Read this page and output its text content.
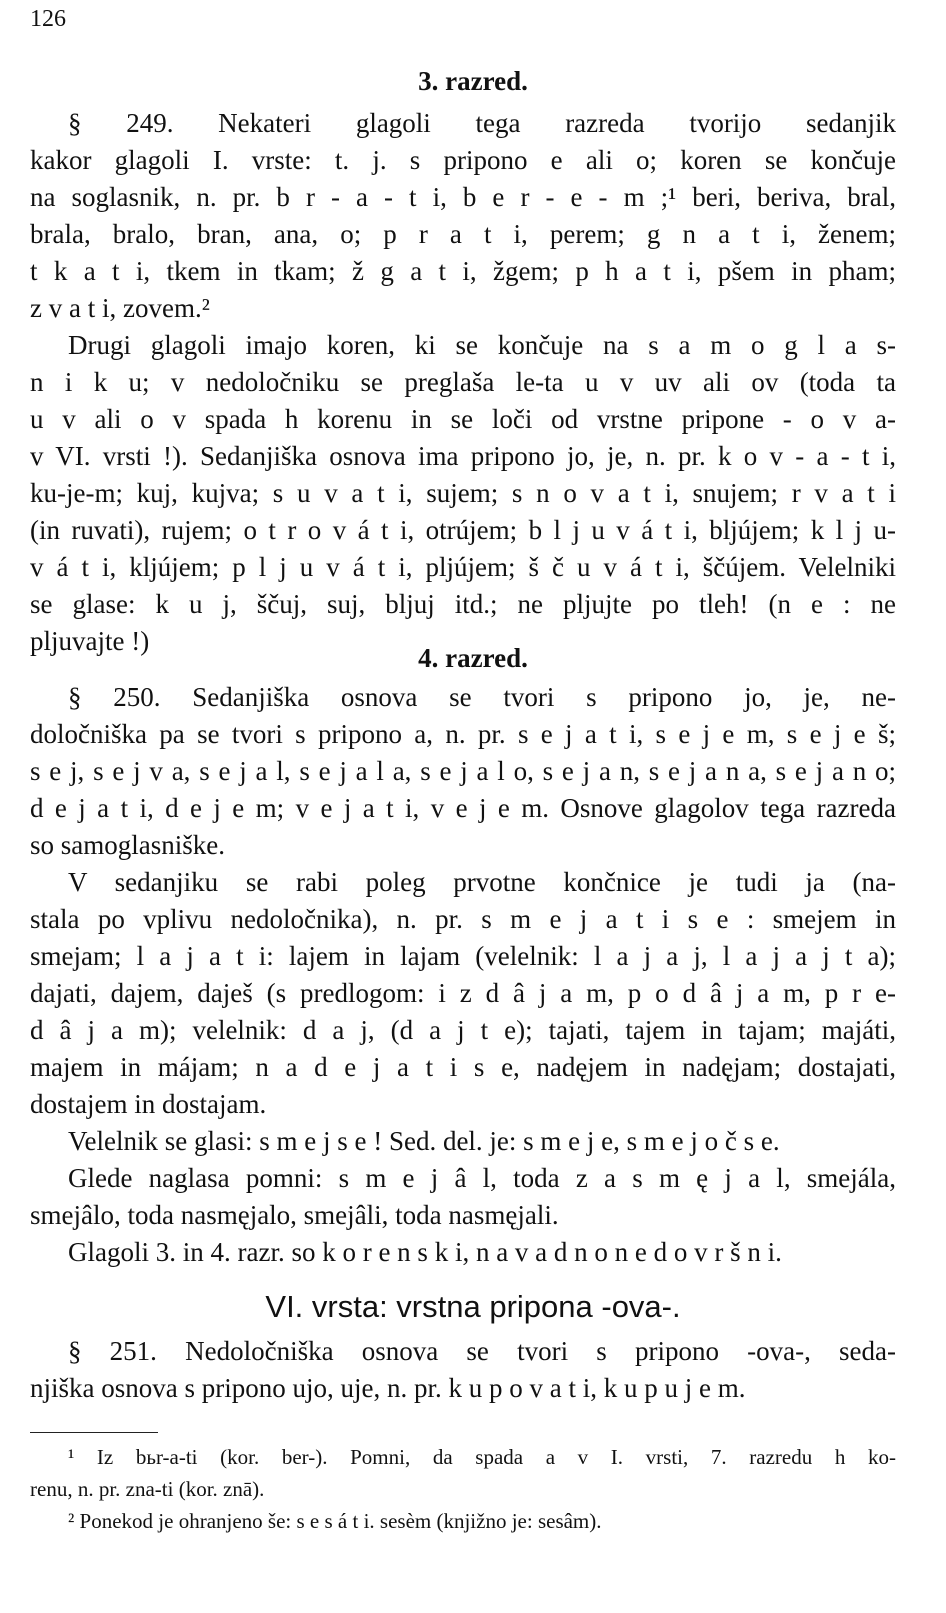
126
3. razred.
§ 249. Nekateri glagoli tega razreda tvorijo sedanjik
kakor glagoli I. vrste: t. j. s pripono e ali o; koren se končuje
na soglasnik, n. pr. b r - a - t i, b e r - e - m ;¹ beri, beriva, bral,
brala, bralo, bran, ana, o; p r a t i, perem; g n a t i, ženem;
t k a t i, tkem in tkam; ž g a t i, žgem; p h a t i, pšem in pham;
z v a t i, zovem.²
Drugi glagoli imajo koren, ki se končuje na s a m o g l a s-
n i k u; v nedoločniku se preglaša le-ta u v uv ali ov (toda ta
u v ali o v spada h korenu in se loči od vrstne pripone - o v a-
v VI. vrsti !). Sedanjiška osnova ima pripono jo, je, n. pr. k o v - a - t i,
ku-je-m; kuj, kujva; s u v a t i, sujem; s n o v a t i, snujem; r v a t i
(in ruvati), rujem; o t r o v á t i, otrújem; b l j u v á t i, bljújem; k l j u-
v á t i, kljújem; p l j u v á t i, pljújem; š č u v á t i, ščújem. Velelniki
se glase: k u j, ščuj, suj, bljuj itd.; ne pljujte po tleh! (n e : ne
pljuvajte !)
4. razred.
§ 250. Sedanjiška osnova se tvori s pripono jo, je, ne-
določniška pa se tvori s pripono a, n. pr. s e j a t i, s e j e m, s e j e š;
s e j, s e j v a, s e j a l, s e j a l a, s e j a l o, s e j a n, s e j a n a, s e j a n o;
d e j a t i, d e j e m; v e j a t i, v e j e m. Osnove glagolov tega razreda
so samoglasniške.
V sedanjiku se rabi poleg prvotne končnice je tudi ja (na-
stala po vplivu nedoločnika), n. pr. s m e j a t i s e : smejem in
smejam; l a j a t i: lajem in lajam (velelnik: l a j a j, l a j a j t a);
dajati, dajem, daješ (s predlogom: i z d â j a m, p o d â j a m, p r e-
d â j a m); velelnik: d a j, (d a j t e); tajati, tajem in tajam; majáti,
majem in májam; n a d e j a t i s e, nadęjem in nadęjam; dostajati,
dostajem in dostajam.
Velelnik se glasi: s m e j s e ! Sed. del. je: s m e j e, s m e j o č s e.
Glede naglasa pomni: s m e j â l, toda z a s m ę j a l, smejála,
smejâlo, toda nasmęjalo, smejâli, toda nasmęjali.
Glagoli 3. in 4. razr. so k o r e n s k i, n a v a d n o n e d o v r š n i.
VI. vrsta: vrstna pripona -ova-.
§ 251. Nedoločniška osnova se tvori s pripono -ova-, seda-
njiška osnova s pripono ujo, uje, n. pr. k u p o v a t i, k u p u j e m.
¹ Iz bьr-a-ti (kor. ber-). Pomni, da spada a v I. vrsti, 7. razredu h ko-
renu, n. pr. zna-ti (kor. znā).
² Ponekod je ohranjeno še: s e s á t i. sesèm (knjižno je: sesâm).
